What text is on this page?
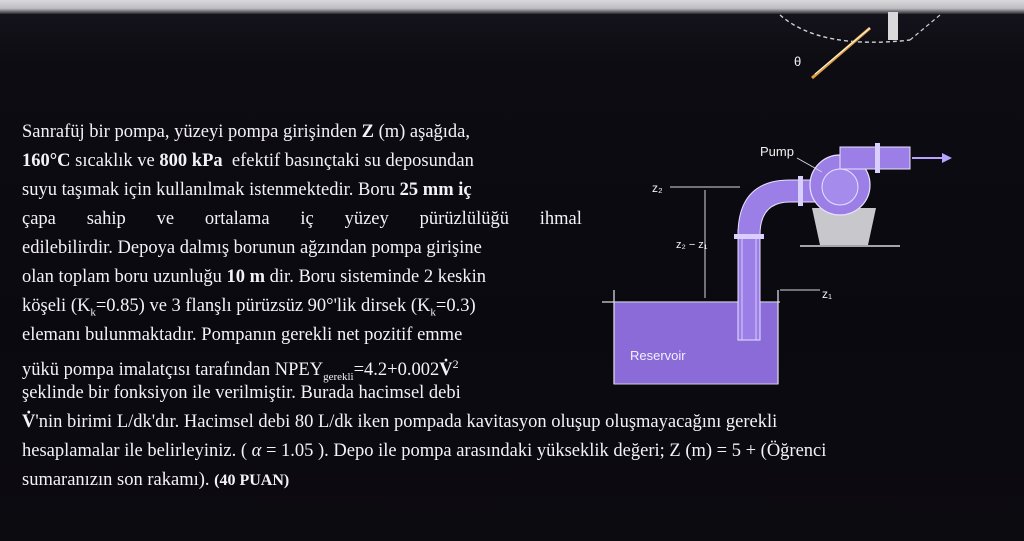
θ
Reservoir
Pump
z₂
z₂ − z₁
z₁
Sanrafüj bir pompa, yüzeyi pompa girişinden Z (m) aşağıda,
160°C sıcaklık ve 800 kPa  efektif basınçtaki su deposundan
suyu taşımak için kullanılmak istenmektedir. Boru 25 mm iç
çapa sahip ve ortalama iç yüzey pürüzlülüğü ihmal
edilebilirdir. Depoya dalmış borunun ağzından pompa girişine
olan toplam boru uzunluğu 10 m dir. Boru sisteminde 2 keskin
köşeli $(K_k=0.85)$ ve 3 flanşlı pürüzsüz 90°'lik dirsek $(K_k=0.3)$
elemanı bulunmaktadır. Pompanın gerekli net pozitif emme
yükü pompa imalatçısı tarafından $NPEY_{gerekli}=4.2+0.002V̇^2$
şeklinde bir fonksiyon ile verilmiştir. Burada hacimsel debi
V̇'nin birimi L/dk'dır. Hacimsel debi 80 L/dk iken pompada kavitasyon oluşup oluşmayacağını gerekli
hesaplamalar ile belirleyiniz. ( α = 1.05 ). Depo ile pompa arasındaki yükseklik değeri; Z (m) = 5 + (Öğrenci
sumaranızın son rakamı). (40 PUAN)
